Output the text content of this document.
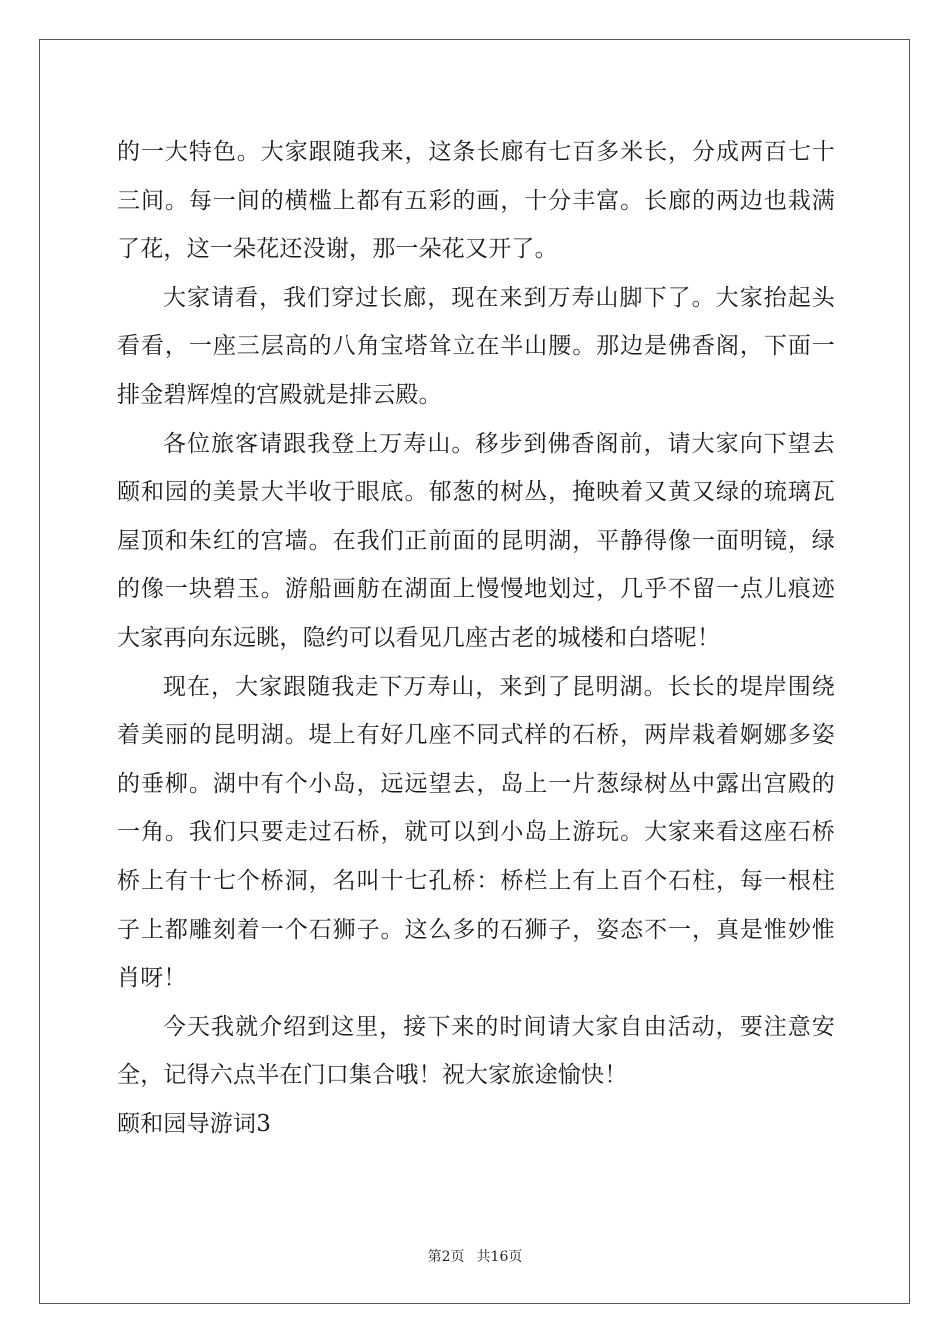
的一大特色。大家跟随我来，这条长廊有七百多米长，分成两百七十三间。每一间的横槛上都有五彩的画，十分丰富。长廊的两边也栽满了花，这一朵花还没谢，那一朵花又开了。

大家请看，我们穿过长廊，现在来到万寿山脚下了。大家抬起头看看，一座三层高的八角宝塔耸立在半山腰。那边是佛香阁，下面一排金碧辉煌的宫殿就是排云殿。

各位旅客请跟我登上万寿山。移步到佛香阁前，请大家向下望去颐和园的美景大半收于眼底。郁葱的树丛，掩映着又黄又绿的琉璃瓦屋顶和朱红的宫墙。在我们正前面的昆明湖，平静得像一面明镜，绿的像一块碧玉。游船画舫在湖面上慢慢地划过，几乎不留一点儿痕迹大家再向东远眺，隐约可以看见几座古老的城楼和白塔呢！

现在，大家跟随我走下万寿山，来到了昆明湖。长长的堤岸围绕着美丽的昆明湖。堤上有好几座不同式样的石桥，两岸栽着婀娜多姿的垂柳。湖中有个小岛，远远望去，岛上一片葱绿树丛中露出宫殿的一角。我们只要走过石桥，就可以到小岛上游玩。大家来看这座石桥桥上有十七个桥洞，名叫十七孔桥：桥栏上有上百个石柱，每一根柱子上都雕刻着一个石狮子。这么多的石狮子，姿态不一，真是惟妙惟肖呀！

今天我就介绍到这里，接下来的时间请大家自由活动，要注意安全，记得六点半在门口集合哦！祝大家旅途愉快！

颐和园导游词3

第2页 共16页
